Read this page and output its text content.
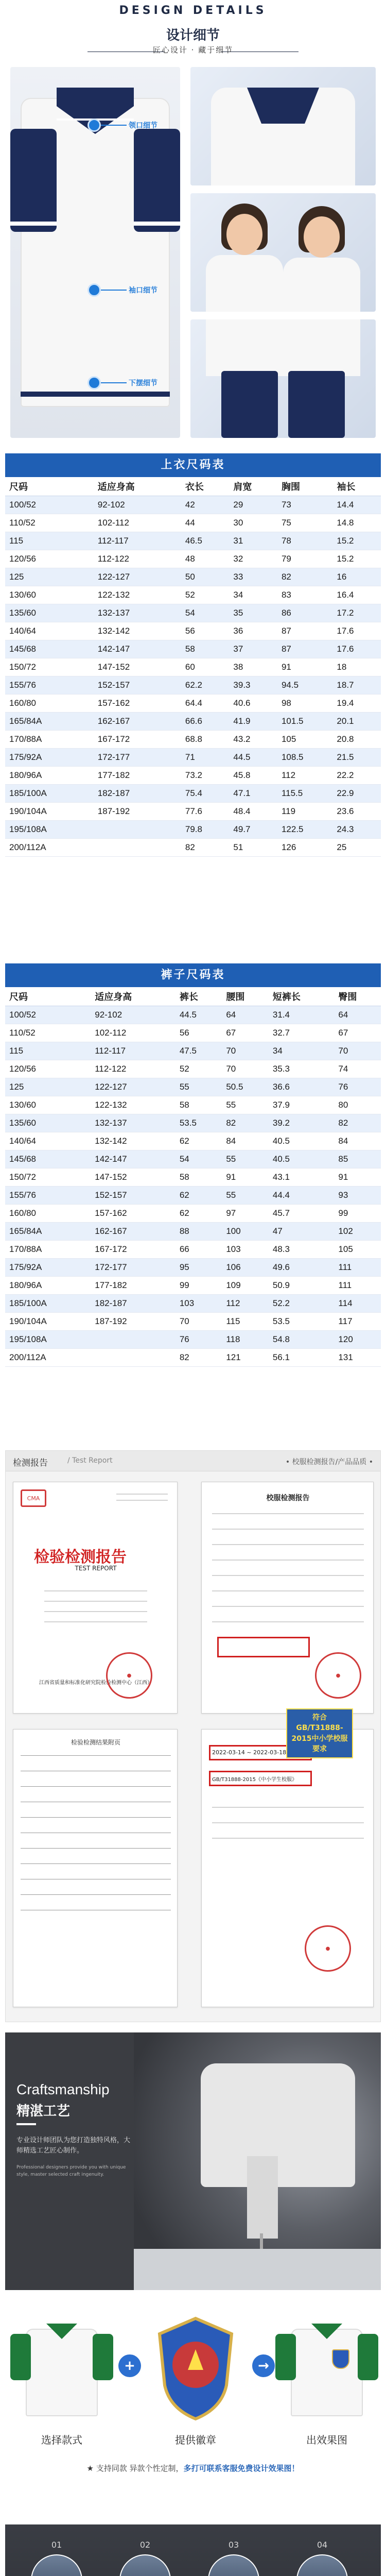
DESIGN DETAILS
设计细节
匠心设计 · 藏于细节
领口细节
袖口细节
下摆细节
上衣尺码表
尺码	适应身高	衣长	肩宽	胸围	袖长
100/52	92-102	42	29	73	14.4
110/52	102-112	44	30	75	14.8
115	112-117	46.5	31	78	15.2
120/56	112-122	48	32	79	15.2
125	122-127	50	33	82	16
130/60	122-132	52	34	83	16.4
135/60	132-137	54	35	86	17.2
140/64	132-142	56	36	87	17.6
145/68	142-147	58	37	87	17.6
150/72	147-152	60	38	91	18
155/76	152-157	62.2	39.3	94.5	18.7
160/80	157-162	64.4	40.6	98	19.4
165/84A	162-167	66.6	41.9	101.5	20.1
170/88A	167-172	68.8	43.2	105	20.8
175/92A	172-177	71	44.5	108.5	21.5
180/96A	177-182	73.2	45.8	112	22.2
185/100A	182-187	75.4	47.1	115.5	22.9
190/104A	187-192	77.6	48.4	119	23.6
195/108A		79.8	49.7	122.5	24.3
200/112A		82	51	126	25
裤子尺码表
尺码	适应身高	裤长	腰围	短裤长	臀围
100/52	92-102	44.5	64	31.4	64
110/52	102-112	56	67	32.7	67
115	112-117	47.5	70	34	70
120/56	112-122	52	70	35.3	74
125	122-127	55	50.5	36.6	76
130/60	122-132	58	55	37.9	80
135/60	132-137	53.5	82	39.2	82
140/64	132-142	62	84	40.5	84
145/68	142-147	54	55	40.5	85
150/72	147-152	58	91	43.1	91
155/76	152-157	62	55	44.4	93
160/80	157-162	62	97	45.7	99
165/84A	162-167	88	100	47	102
170/88A	167-172	66	103	48.3	105
175/92A	172-177	95	106	49.6	111
180/96A	177-182	99	109	50.9	111
185/100A	182-187	103	112	52.2	114
190/104A	187-192	70	115	53.5	117
195/108A		76	118	54.8	120
200/112A		82	121	56.1	131
检测报告	/ Test Report	• 校服检测报告/产品品质 •
CMA
检验检测报告
TEST REPORT
江西省质量和标准化研究院检验检测中心（江西）
●
校服检测报告
●
检验检测结果附页
2022-03-14 ~ 2022-03-18
GB/T31888-2015《中小学生校服》
●
符合GB/T31888-2015中小学校服要求
Craftsmanship
精湛工艺
专业设计师团队为您打造独特风格，大师精选工艺匠心制作。
Professional designers provide you with unique style, master selected craft ingenuity.
+	→
选择款式	提供徽章	出效果图
★ 支持同款 异款个性定制，多打可联系客服免费设计效果图！
01	02	03	04
